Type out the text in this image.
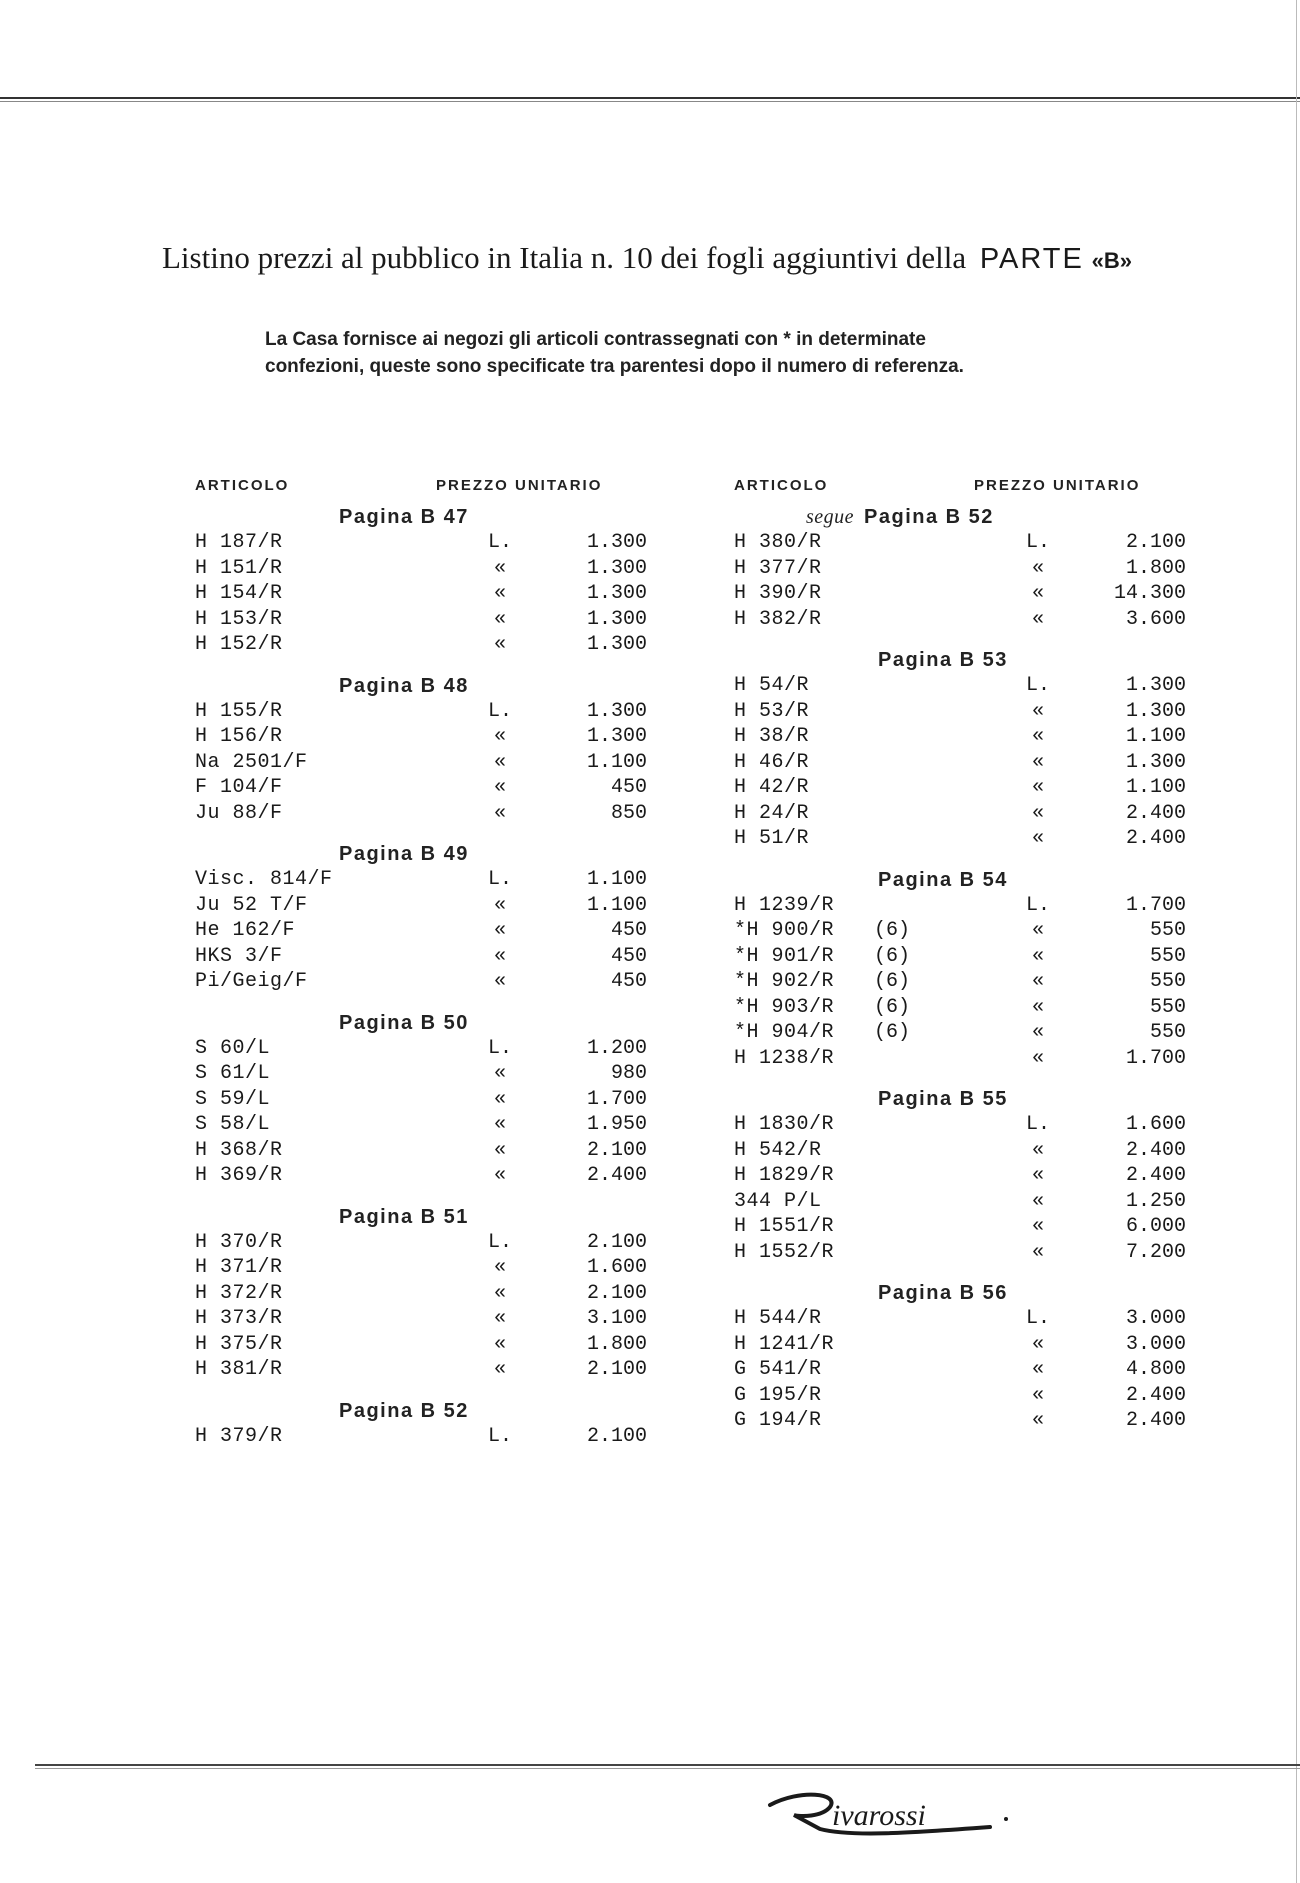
Listino prezzi al pubblico in Italia n. 10 dei fogli aggiuntivi della PARTE «B»
La Casa fornisce ai negozi gli articoli contrassegnati con * in determinate
confezioni, queste sono specificate tra parentesi dopo il numero di referenza.
ARTICOLO	PREZZO UNITARIO	ARTICOLO	PREZZO UNITARIO
Pagina B 47
H 187/R	L.	1.300
H 151/R	«	1.300
H 154/R	«	1.300
H 153/R	«	1.300
H 152/R	«	1.300
Pagina B 48
H 155/R	L.	1.300
H 156/R	«	1.300
Na 2501/F	«	1.100
F 104/F	«	450
Ju 88/F	«	850
Pagina B 49
Visc. 814/F	L.	1.100
Ju 52 T/F	«	1.100
He 162/F	«	450
HKS 3/F	«	450
Pi/Geig/F	«	450
Pagina B 50
S 60/L	L.	1.200
S 61/L	«	980
S 59/L	«	1.700
S 58/L	«	1.950
H 368/R	«	2.100
H 369/R	«	2.400
Pagina B 51
H 370/R	L.	2.100
H 371/R	«	1.600
H 372/R	«	2.100
H 373/R	«	3.100
H 375/R	«	1.800
H 381/R	«	2.100
Pagina B 52
H 379/R	L.	2.100
segue Pagina B 52
H 380/R	L.	2.100
H 377/R	«	1.800
H 390/R	«	14.300
H 382/R	«	3.600
Pagina B 53
H 54/R	L.	1.300
H 53/R	«	1.300
H 38/R	«	1.100
H 46/R	«	1.300
H 42/R	«	1.100
H 24/R	«	2.400
H 51/R	«	2.400
Pagina B 54
H 1239/R	L.	1.700
*H 900/R (6)	«	550
*H 901/R (6)	«	550
*H 902/R (6)	«	550
*H 903/R (6)	«	550
*H 904/R (6)	«	550
H 1238/R	«	1.700
Pagina B 55
H 1830/R	L.	1.600
H 542/R	«	2.400
H 1829/R	«	2.400
344 P/L	«	1.250
H 1551/R	«	6.000
H 1552/R	«	7.200
Pagina B 56
H 544/R	L.	3.000
H 1241/R	«	3.000
G 541/R	«	4.800
G 195/R	«	2.400
G 194/R	«	2.400
ivarossi
